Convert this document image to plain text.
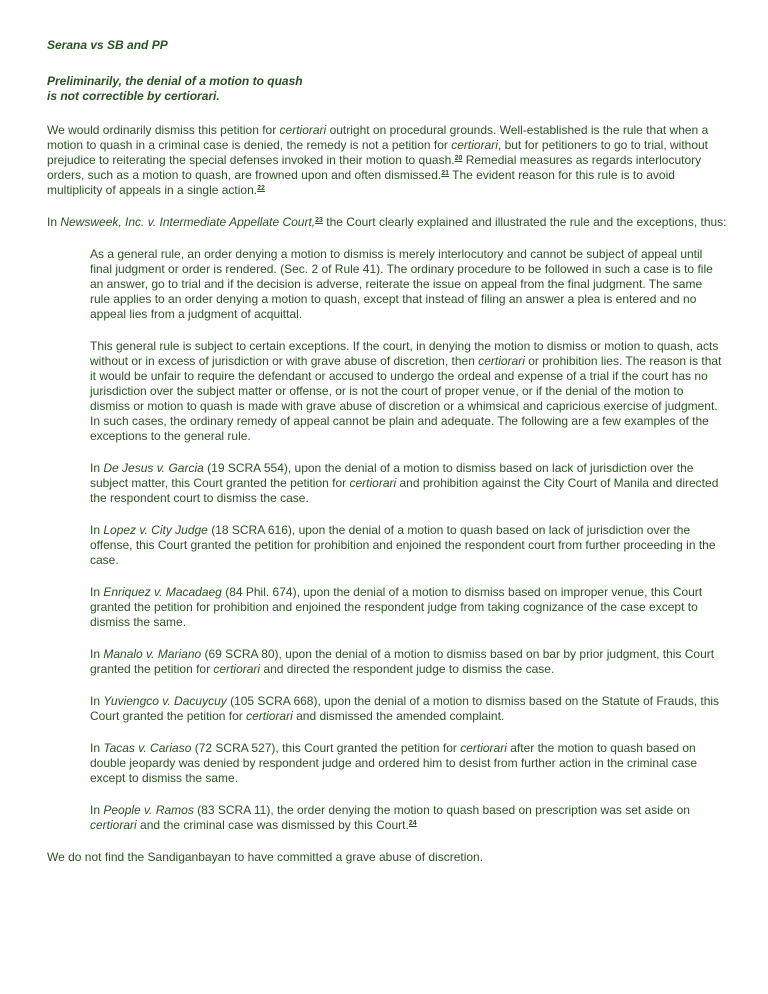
Serana vs SB and PP

Preliminarily, the denial of a motion to quash is not correctible by certiorari.

We would ordinarily dismiss this petition for certiorari outright on procedural grounds. Well-established is the rule that when a motion to quash in a criminal case is denied, the remedy is not a petition for certiorari, but for petitioners to go to trial, without prejudice to reiterating the special defenses invoked in their motion to quash.$^{20}$ Remedial measures as regards interlocutory orders, such as a motion to quash, are frowned upon and often dismissed.$^{21}$ The evident reason for this rule is to avoid multiplicity of appeals in a single action.$^{22}$

In Newsweek, Inc. v. Intermediate Appellate Court,$^{23}$ the Court clearly explained and illustrated the rule and the exceptions, thus:

As a general rule, an order denying a motion to dismiss is merely interlocutory and cannot be subject of appeal until final judgment or order is rendered. (Sec. 2 of Rule 41). The ordinary procedure to be followed in such a case is to file an answer, go to trial and if the decision is adverse, reiterate the issue on appeal from the final judgment. The same rule applies to an order denying a motion to quash, except that instead of filing an answer a plea is entered and no appeal lies from a judgment of acquittal.

This general rule is subject to certain exceptions. If the court, in denying the motion to dismiss or motion to quash, acts without or in excess of jurisdiction or with grave abuse of discretion, then certiorari or prohibition lies. The reason is that it would be unfair to require the defendant or accused to undergo the ordeal and expense of a trial if the court has no jurisdiction over the subject matter or offense, or is not the court of proper venue, or if the denial of the motion to dismiss or motion to quash is made with grave abuse of discretion or a whimsical and capricious exercise of judgment. In such cases, the ordinary remedy of appeal cannot be plain and adequate. The following are a few examples of the exceptions to the general rule.

In De Jesus v. Garcia (19 SCRA 554), upon the denial of a motion to dismiss based on lack of jurisdiction over the subject matter, this Court granted the petition for certiorari and prohibition against the City Court of Manila and directed the respondent court to dismiss the case.

In Lopez v. City Judge (18 SCRA 616), upon the denial of a motion to quash based on lack of jurisdiction over the offense, this Court granted the petition for prohibition and enjoined the respondent court from further proceeding in the case.

In Enriquez v. Macadaeg (84 Phil. 674), upon the denial of a motion to dismiss based on improper venue, this Court granted the petition for prohibition and enjoined the respondent judge from taking cognizance of the case except to dismiss the same.

In Manalo v. Mariano (69 SCRA 80), upon the denial of a motion to dismiss based on bar by prior judgment, this Court granted the petition for certiorari and directed the respondent judge to dismiss the case.

In Yuviengco v. Dacuycuy (105 SCRA 668), upon the denial of a motion to dismiss based on the Statute of Frauds, this Court granted the petition for certiorari and dismissed the amended complaint.

In Tacas v. Cariaso (72 SCRA 527), this Court granted the petition for certiorari after the motion to quash based on double jeopardy was denied by respondent judge and ordered him to desist from further action in the criminal case except to dismiss the same.

In People v. Ramos (83 SCRA 11), the order denying the motion to quash based on prescription was set aside on certiorari and the criminal case was dismissed by this Court.$^{24}$

We do not find the Sandiganbayan to have committed a grave abuse of discretion.
